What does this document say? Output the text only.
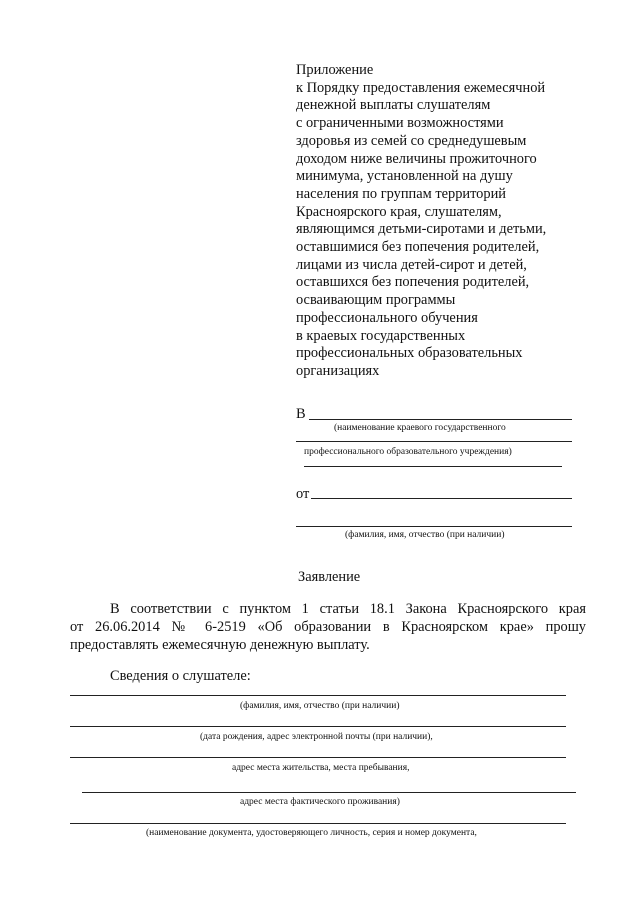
Приложение
к Порядку предоставления ежемесячной
денежной выплаты слушателям
с ограниченными возможностями
здоровья из семей со среднедушевым
доходом ниже величины прожиточного
минимума, установленной на душу
населения по группам территорий
Красноярского края, слушателям,
являющимся детьми-сиротами и детьми,
оставшимися без попечения родителей,
лицами из числа детей-сирот и детей,
оставшихся без попечения родителей,
осваивающим программы
профессионального обучения
в краевых государственных
профессиональных образовательных
организациях
В
(наименование краевого государственного
профессионального образовательного учреждения)
от
(фамилия, имя, отчество (при наличии)
Заявление
В соответствии с пунктом 1 статьи 18.1 Закона Красноярского края
от 26.06.2014 № 6-2519 «Об образовании в Красноярском крае» прошу
предоставлять ежемесячную денежную выплату.
Сведения о слушателе:
(фамилия, имя, отчество (при наличии)
(дата рождения, адрес электронной почты (при наличии),
адрес места жительства, места пребывания,
адрес места фактического проживания)
(наименование документа, удостоверяющего личность, серия и номер документа,
